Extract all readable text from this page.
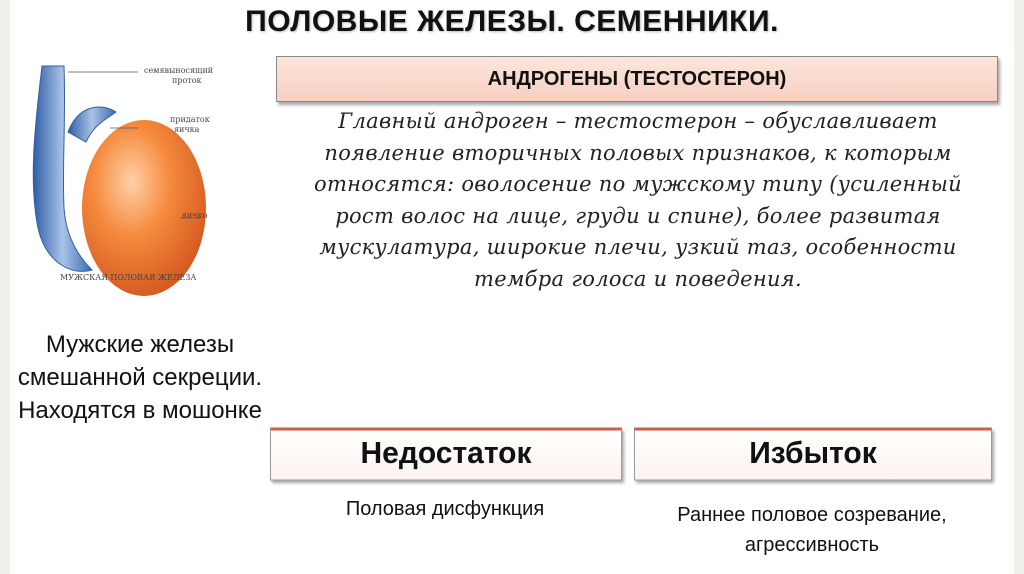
ПОЛОВЫЕ ЖЕЛЕЗЫ. СЕМЕННИКИ.
АНДРОГЕНЫ (ТЕСТОСТЕРОН)
Главный андроген – тестостерон – обуславливает появление вторичных половых признаков, к которым относятся: оволосение по мужскому типу (усиленный рост волос на лице, груди и спине), более развитая мускулатура, широкие плечи, узкий таз, особенности тембра голоса и поведения.
семявыносящий
проток
придаток
яичка
яичко
МУЖСКАЯ ПОЛОВАЯ ЖЕЛЕЗА
Мужские железы смешанной секреции. Находятся в мошонке
Недостаток	Избыток
Половая дисфункция	Раннее половое созревание, агрессивность
